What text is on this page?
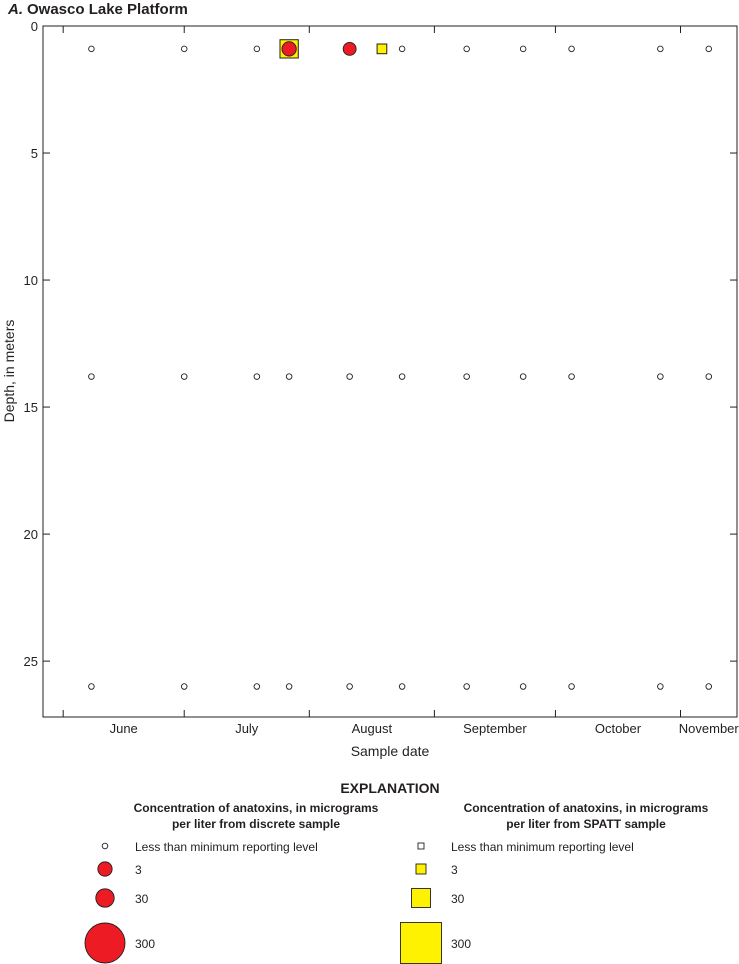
A. Owasco Lake Platform
0
5
10
15
20
25
June	July	August	September	October	November
Depth, in meters
Sample date
EXPLANATION
Concentration of anatoxins, in micrograms
per liter from discrete sample
Concentration of anatoxins, in micrograms
per liter from SPATT sample
Less than minimum reporting level
3
30
300
Less than minimum reporting level
3
30
300
